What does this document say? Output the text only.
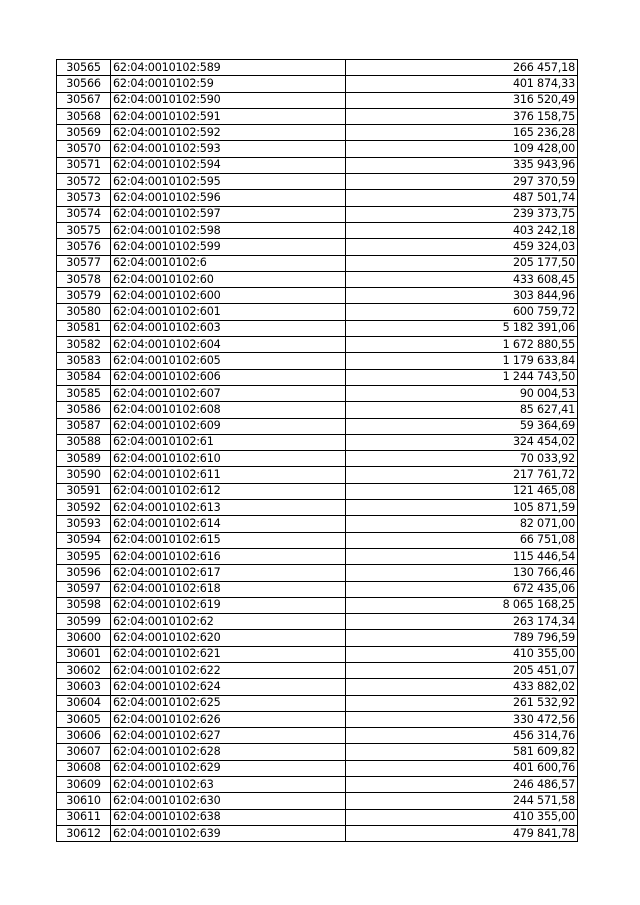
30565	62:04:0010102:589	266 457,18
30566	62:04:0010102:59	401 874,33
30567	62:04:0010102:590	316 520,49
30568	62:04:0010102:591	376 158,75
30569	62:04:0010102:592	165 236,28
30570	62:04:0010102:593	109 428,00
30571	62:04:0010102:594	335 943,96
30572	62:04:0010102:595	297 370,59
30573	62:04:0010102:596	487 501,74
30574	62:04:0010102:597	239 373,75
30575	62:04:0010102:598	403 242,18
30576	62:04:0010102:599	459 324,03
30577	62:04:0010102:6	205 177,50
30578	62:04:0010102:60	433 608,45
30579	62:04:0010102:600	303 844,96
30580	62:04:0010102:601	600 759,72
30581	62:04:0010102:603	5 182 391,06
30582	62:04:0010102:604	1 672 880,55
30583	62:04:0010102:605	1 179 633,84
30584	62:04:0010102:606	1 244 743,50
30585	62:04:0010102:607	90 004,53
30586	62:04:0010102:608	85 627,41
30587	62:04:0010102:609	59 364,69
30588	62:04:0010102:61	324 454,02
30589	62:04:0010102:610	70 033,92
30590	62:04:0010102:611	217 761,72
30591	62:04:0010102:612	121 465,08
30592	62:04:0010102:613	105 871,59
30593	62:04:0010102:614	82 071,00
30594	62:04:0010102:615	66 751,08
30595	62:04:0010102:616	115 446,54
30596	62:04:0010102:617	130 766,46
30597	62:04:0010102:618	672 435,06
30598	62:04:0010102:619	8 065 168,25
30599	62:04:0010102:62	263 174,34
30600	62:04:0010102:620	789 796,59
30601	62:04:0010102:621	410 355,00
30602	62:04:0010102:622	205 451,07
30603	62:04:0010102:624	433 882,02
30604	62:04:0010102:625	261 532,92
30605	62:04:0010102:626	330 472,56
30606	62:04:0010102:627	456 314,76
30607	62:04:0010102:628	581 609,82
30608	62:04:0010102:629	401 600,76
30609	62:04:0010102:63	246 486,57
30610	62:04:0010102:630	244 571,58
30611	62:04:0010102:638	410 355,00
30612	62:04:0010102:639	479 841,78
